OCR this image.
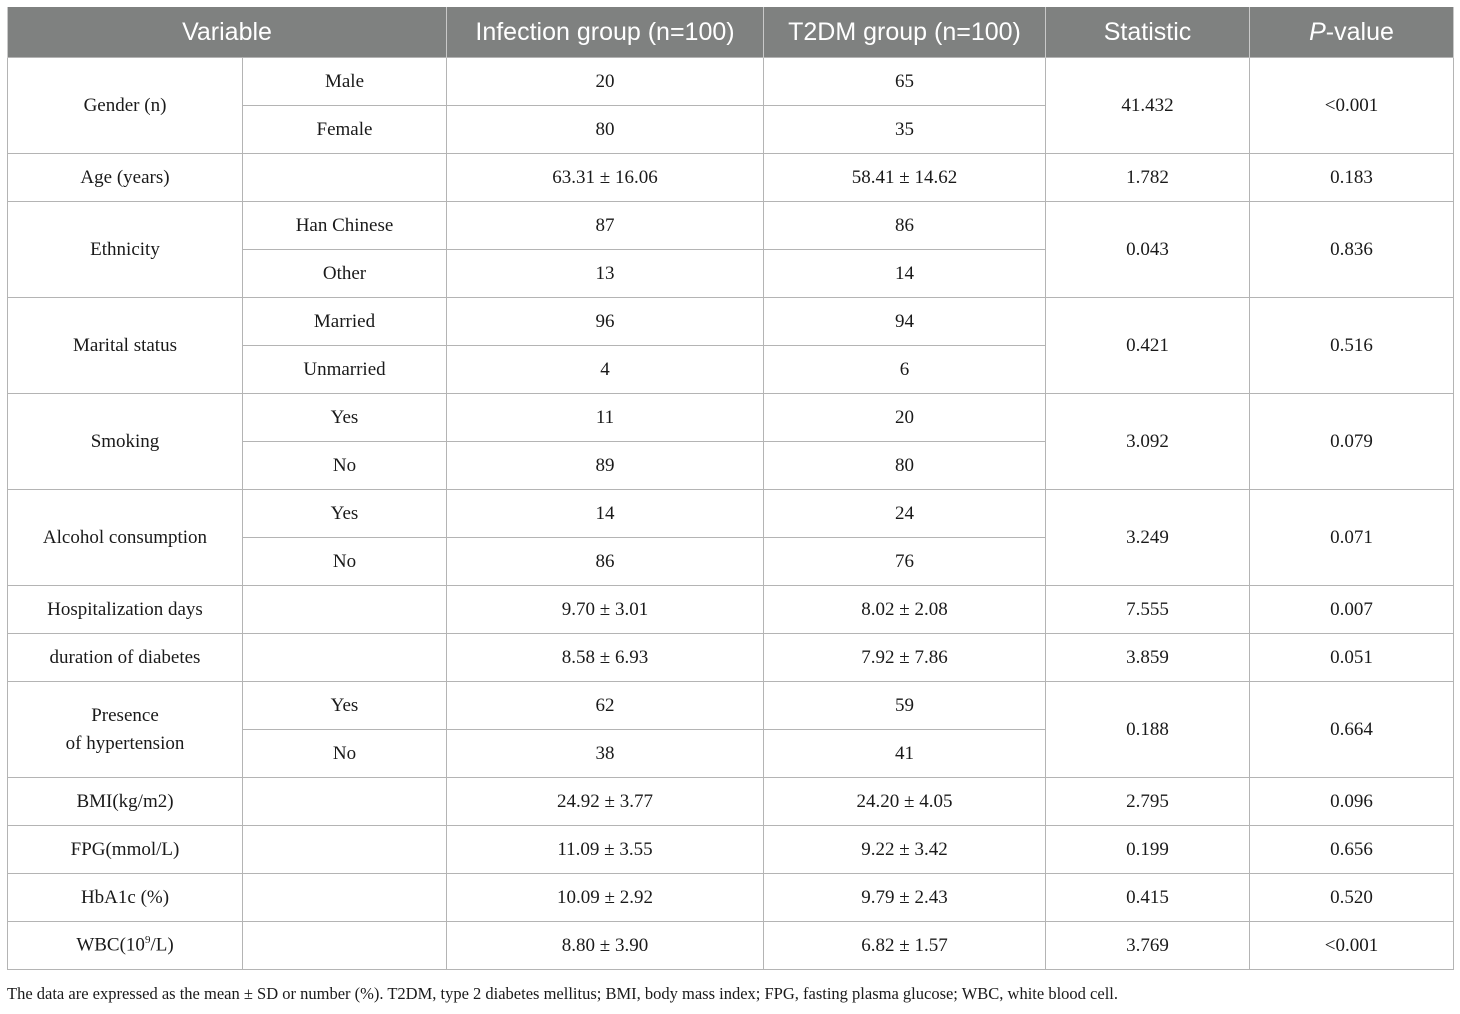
Variable		Infection group (n=100)	T2DM group (n=100)	Statistic	P-value
Gender (n)	Male	20	65	41.432	<0.001
	Female	80	35		
Age (years)		63.31 ± 16.06	58.41 ± 14.62	1.782	0.183
Ethnicity	Han Chinese	87	86	0.043	0.836
	Other	13	14		
Marital status	Married	96	94	0.421	0.516
	Unmarried	4	6		
Smoking	Yes	11	20	3.092	0.079
	No	89	80		
Alcohol consumption	Yes	14	24	3.249	0.071
	No	86	76		
Hospitalization days		9.70 ± 3.01	8.02 ± 2.08	7.555	0.007
duration of diabetes		8.58 ± 6.93	7.92 ± 7.86	3.859	0.051
Presence
of hypertension	Yes	62	59	0.188	0.664
	No	38	41		
BMI(kg/m2)		24.92 ± 3.77	24.20 ± 4.05	2.795	0.096
FPG(mmol/L)		11.09 ± 3.55	9.22 ± 3.42	0.199	0.656
HbA1c (%)		10.09 ± 2.92	9.79 ± 2.43	0.415	0.520
$WBC(10^9/L)$		8.80 ± 3.90	6.82 ± 1.57	3.769	<0.001
The data are expressed as the mean ± SD or number (%). T2DM, type 2 diabetes mellitus; BMI, body mass index; FPG, fasting plasma glucose; WBC, white blood cell.
